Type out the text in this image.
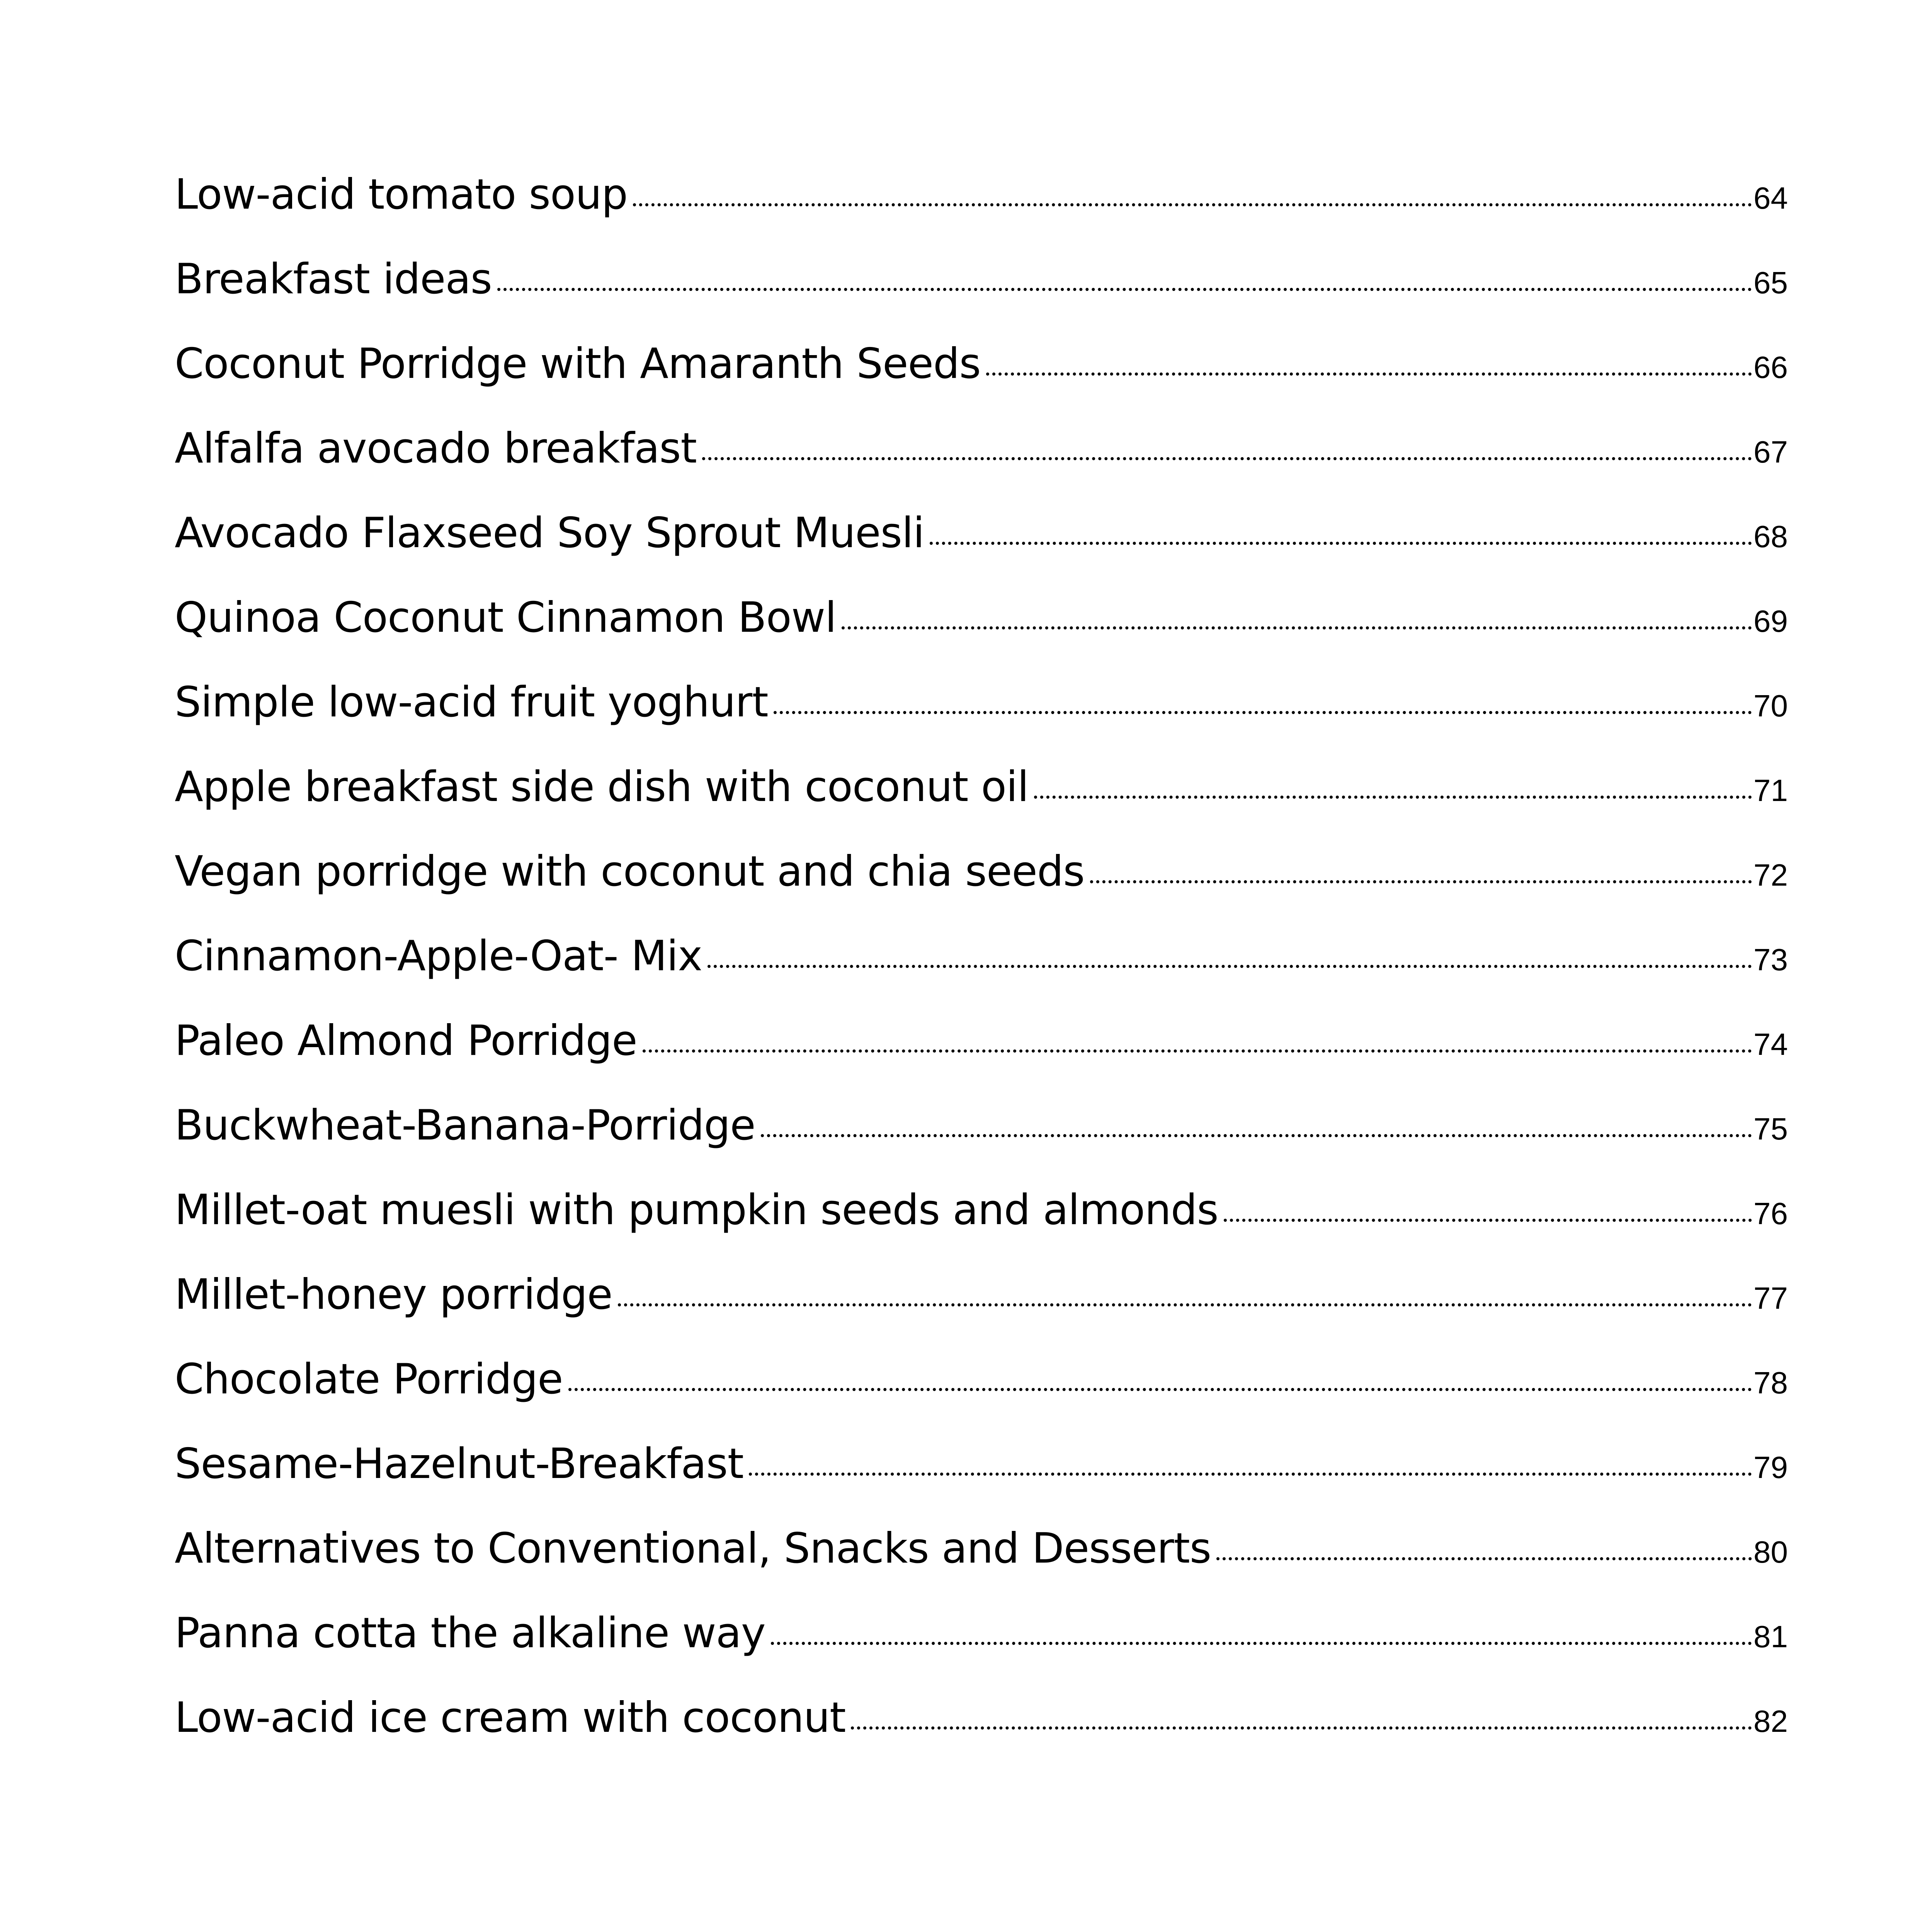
Low-acid tomato soup	64
Breakfast ideas	65
Coconut Porridge with Amaranth Seeds	66
Alfalfa avocado breakfast	67
Avocado Flaxseed Soy Sprout Muesli	68
Quinoa Coconut Cinnamon Bowl	69
Simple low-acid fruit yoghurt	70
Apple breakfast side dish with coconut oil	71
Vegan porridge with coconut and chia seeds	72
Cinnamon-Apple-Oat- Mix	73
Paleo Almond Porridge	74
Buckwheat-Banana-Porridge	75
Millet-oat muesli with pumpkin seeds and almonds	76
Millet-honey porridge	77
Chocolate Porridge	78
Sesame-Hazelnut-Breakfast	79
Alternatives to Conventional, Snacks and Desserts	80
Panna cotta the alkaline way	81
Low-acid ice cream with coconut	82
